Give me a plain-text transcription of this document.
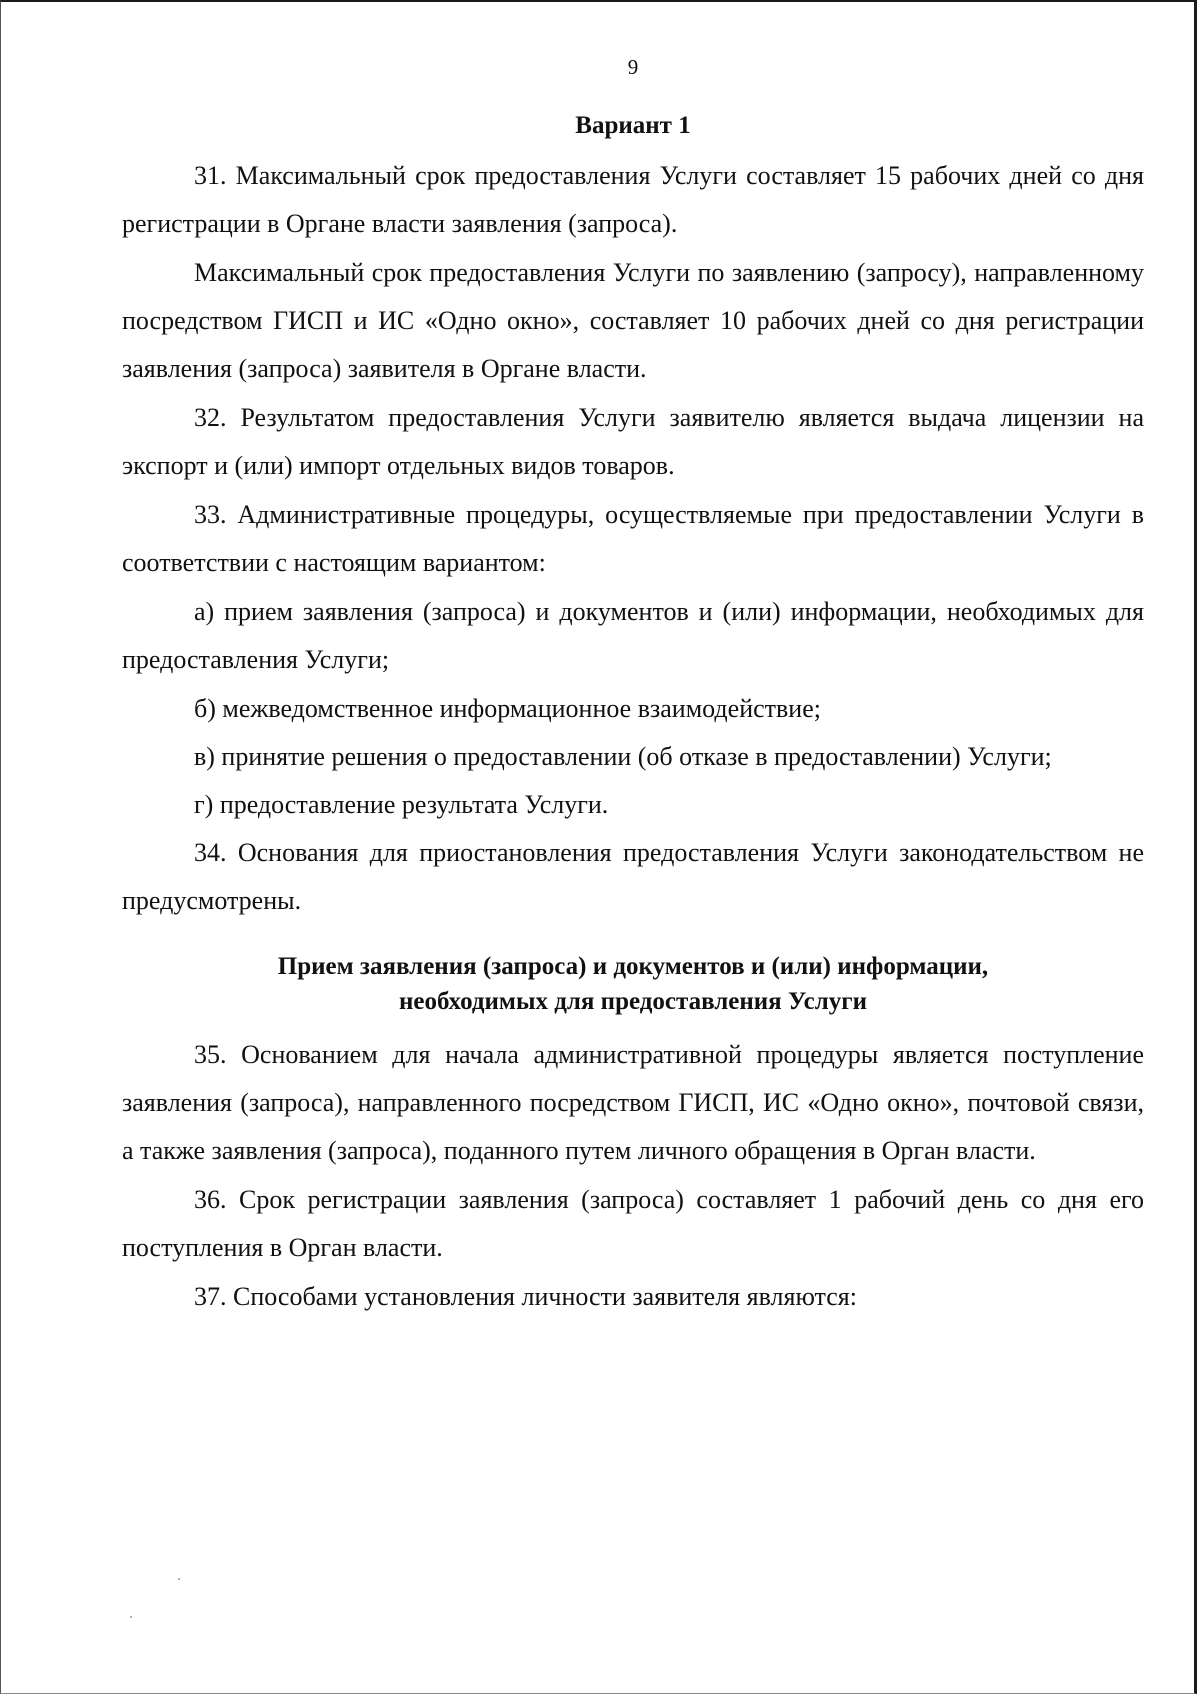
9
Вариант 1

31. Максимальный срок предоставления Услуги составляет 15 рабочих дней со дня регистрации в Органе власти заявления (запроса).

Максимальный срок предоставления Услуги по заявлению (запросу), направленному посредством ГИСП и ИС «Одно окно», составляет 10 рабочих дней со дня регистрации заявления (запроса) заявителя в Органе власти.

32. Результатом предоставления Услуги заявителю является выдача лицензии на экспорт и (или) импорт отдельных видов товаров.

33. Административные процедуры, осуществляемые при предоставлении Услуги в соответствии с настоящим вариантом:

а) прием заявления (запроса) и документов и (или) информации, необходимых для предоставления Услуги;

б) межведомственное информационное взаимодействие;

в) принятие решения о предоставлении (об отказе в предоставлении) Услуги;

г) предоставление результата Услуги.

34. Основания для приостановления предоставления Услуги законодательством не предусмотрены.

Прием заявления (запроса) и документов и (или) информации,
необходимых для предоставления Услуги

35. Основанием для начала административной процедуры является поступление заявления (запроса), направленного посредством ГИСП, ИС «Одно окно», почтовой связи, а также заявления (запроса), поданного путем личного обращения в Орган власти.

36. Срок регистрации заявления (запроса) составляет 1 рабочий день со дня его поступления в Орган власти.

37. Способами установления личности заявителя являются:
